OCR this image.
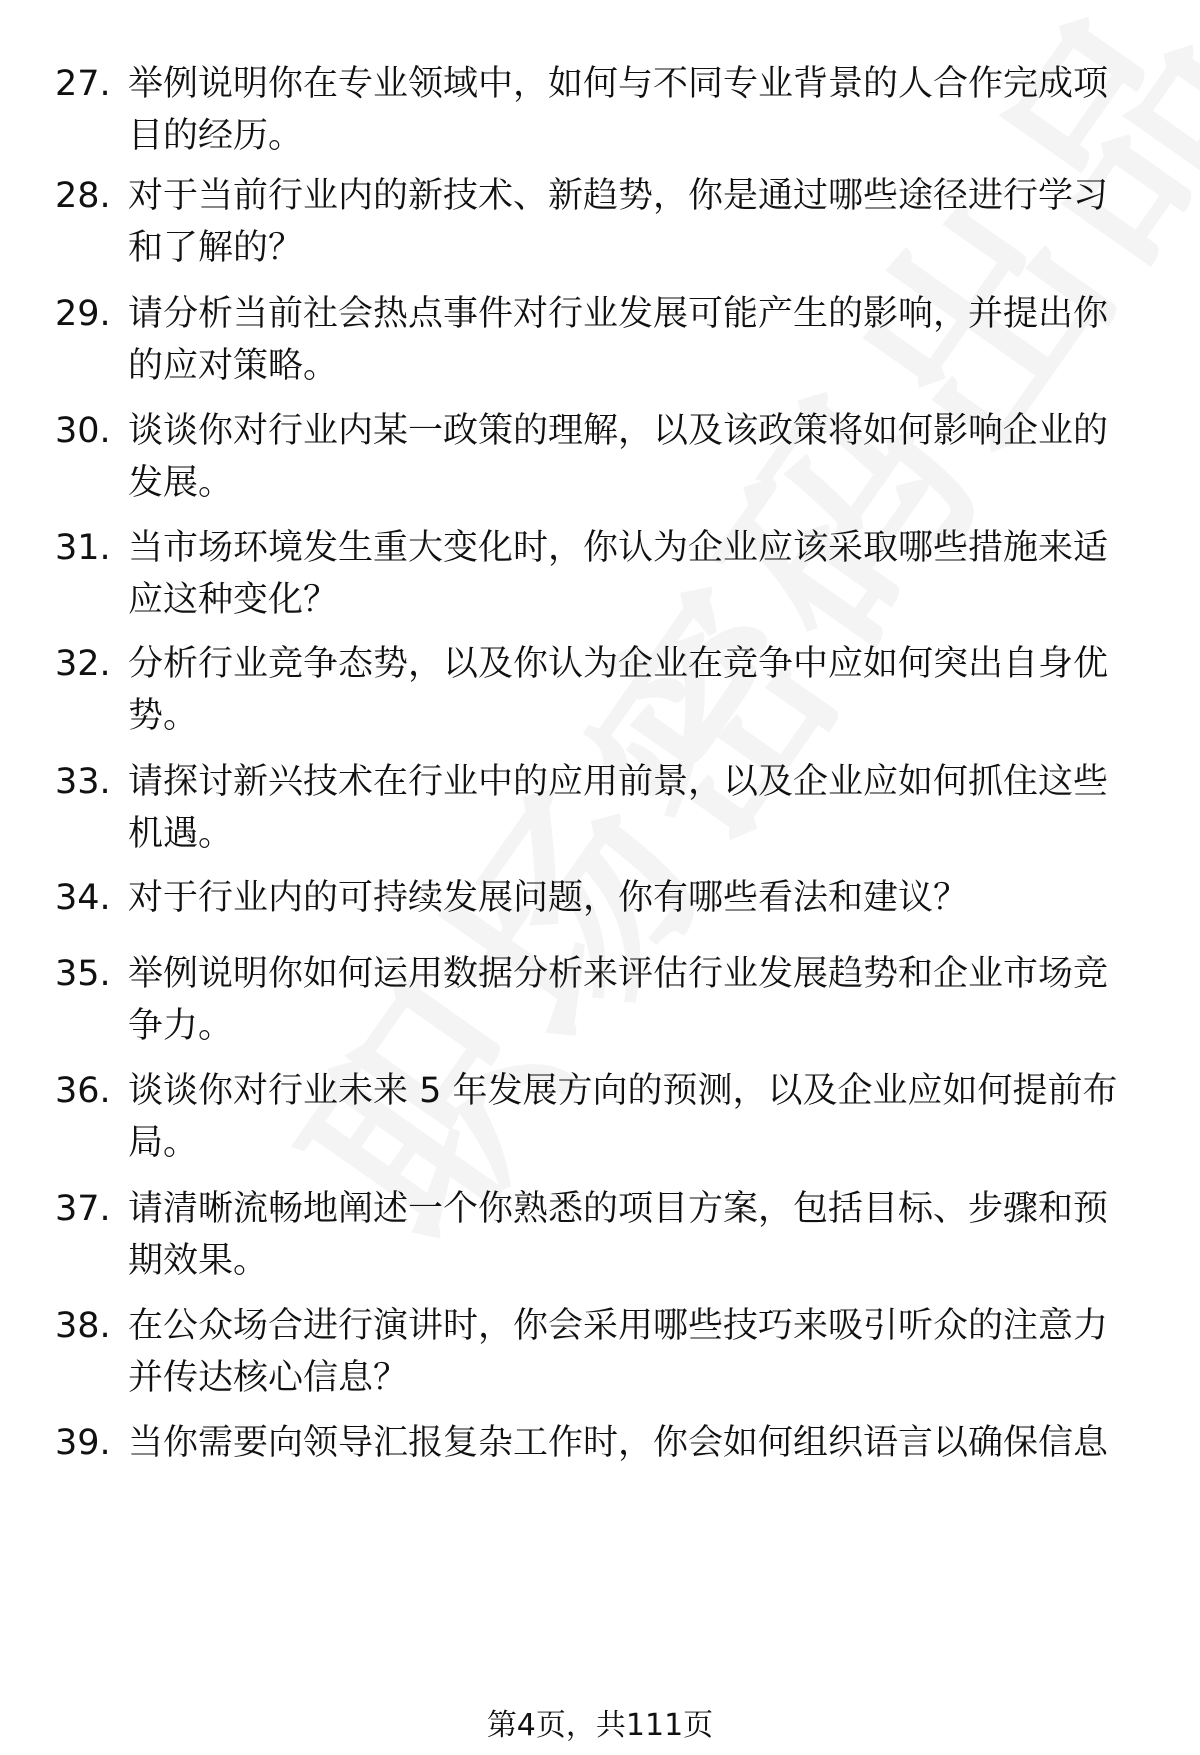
27. 举例说明你在专业领域中，如何与不同专业背景的人合作完成项
目的经历。
28. 对于当前行业内的新技术、新趋势，你是通过哪些途径进行学习
和了解的？
29. 请分析当前社会热点事件对行业发展可能产生的影响，并提出你
的应对策略。
30. 谈谈你对行业内某一政策的理解，以及该政策将如何影响企业的
发展。
31. 当市场环境发生重大变化时，你认为企业应该采取哪些措施来适
应这种变化？
32. 分析行业竞争态势，以及你认为企业在竞争中应如何突出自身优
势。
33. 请探讨新兴技术在行业中的应用前景，以及企业应如何抓住这些
机遇。
34. 对于行业内的可持续发展问题，你有哪些看法和建议？
35. 举例说明你如何运用数据分析来评估行业发展趋势和企业市场竞
争力。
36. 谈谈你对行业未来 5 年发展方向的预测，以及企业应如何提前布
局。
37. 请清晰流畅地阐述一个你熟悉的项目方案，包括目标、步骤和预
期效果。
38. 在公众场合进行演讲时，你会采用哪些技巧来吸引听众的注意力
并传达核心信息？
39. 当你需要向领导汇报复杂工作时，你会如何组织语言以确保信息
第4页，共111页
